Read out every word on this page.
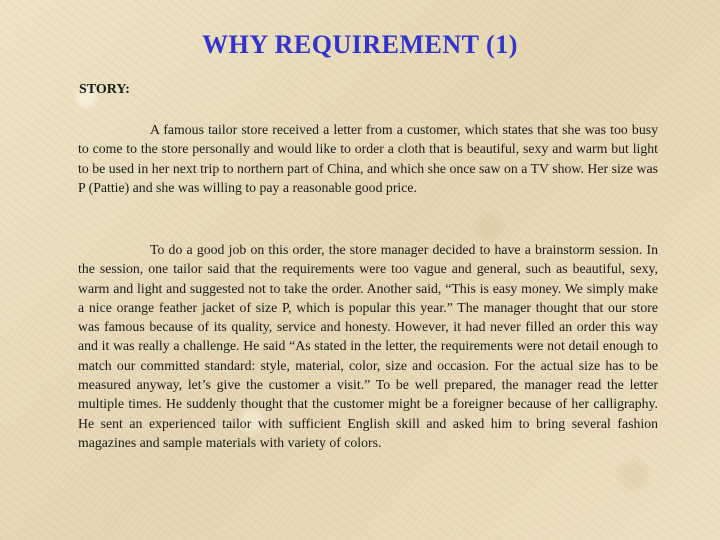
WHY REQUIREMENT (1)

STORY:

A famous tailor store received a letter from a customer, which states that she was too busy to come to the store personally and would like to order a cloth that is beautiful, sexy and warm but light to be used in her next trip to northern part of China, and which she once saw on a TV show. Her size was P (Pattie) and she was willing to pay a reasonable good price.

To do a good job on this order, the store manager decided to have a brainstorm session. In the session, one tailor said that the requirements were too vague and general, such as beautiful, sexy, warm and light and suggested not to take the order. Another said, “This is easy money. We simply make a nice orange feather jacket of size P, which is popular this year.” The manager thought that our store was famous because of its quality, service and honesty. However, it had never filled an order this way and it was really a challenge. He said “As stated in the letter, the requirements were not detail enough to match our committed standard: style, material, color, size and occasion. For the actual size has to be measured anyway, let’s give the customer a visit.” To be well prepared, the manager read the letter multiple times. He suddenly thought that the customer might be a foreigner because of her calligraphy. He sent an experienced tailor with sufficient English skill and asked him to bring several fashion magazines and sample materials with variety of colors.
